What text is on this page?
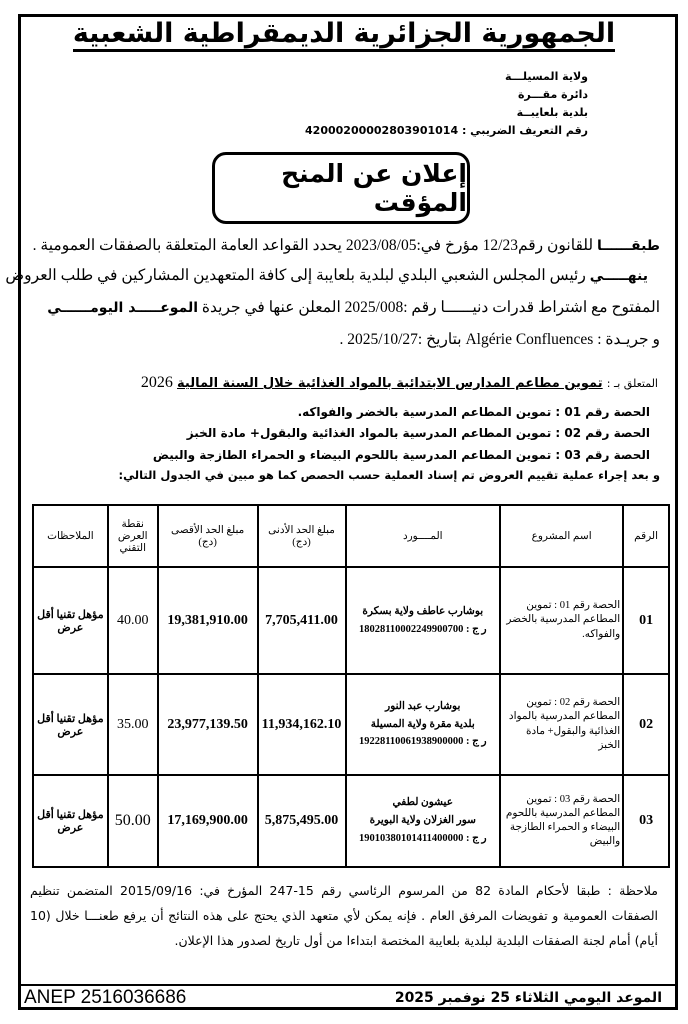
الجمهورية الجزائرية الديمقراطية الشعبية
ولاية المسيلـــة
دائرة مقـــرة
بلدية بلعايبــة
رقم التعريف الضريبي : 42000200002803901014
إعلان عن المنح المؤقت
طبقــــــا للقانون رقم12/23 مؤرخ في:2023/08/05 يحدد القواعد العامة المتعلقة بالصفقات العمومية .
ينهـــــي رئيس المجلس الشعبي البلدي لبلدية بلعايبة إلى كافة المتعهدين المشاركين في طلب العروض
المفتوح مع اشتراط قدرات دنيــــــا رقم :2025/008 المعلن عنها في جريدة الموعـــــد اليومــــــي
و جريـدة : Algérie Confluences بتاريخ :2025/10/27 .
المتعلق بـ : تموين مطاعم المدارس الابتدائية بالمواد الغذائية خلال السنة المالية 2026
الحصة رقم 01 : تموين المطاعم المدرسية بالخضر والفواكه.
الحصة رقم 02 : تموين المطاعم المدرسية بالمواد الغذائية والبقول+ مادة الخبز
الحصة رقم 03 : تموين المطاعم المدرسية باللحوم البيضاء و الحمراء الطازجة والبيض
و بعد إجراء عملية تقييم العروض تم إسناد العملية حسب الحصص كما هو مبين في الجدول التالي:
الرقم	اسم المشروع	المــــورد	مبلغ الحد الأدنى (دج)	مبلغ الحد الأقصى (دج)	نقطة العرض التقني	الملاحظات
01	الحصة رقم 01 : تموين المطاعم المدرسية بالخضر والفواكه.	بوشارب عاطف ولاية بسكرة
ر ج : 18028110002249900700	7,705,411.00	19,381,910.00	40.00	مؤهل تقنيا أقل عرض
02	الحصة رقم 02 : تموين المطاعم المدرسية بالمواد الغذائية والبقول+ مادة الخبز	بوشارب عبد النور
بلدية مقرة ولاية المسيلة
ر ج : 19228110061938900000	11,934,162.10	23,977,139.50	35.00	مؤهل تقنيا أقل عرض
03	الحصة رقم 03 : تموين المطاعم المدرسية باللحوم البيضاء و الحمراء الطازجة والبيض	عيشون لطفي
سور الغزلان ولاية البويرة
ر ج : 19010380101411400000	5,875,495.00	17,169,900.00	50.00	مؤهل تقنيا أقل عرض
ملاحظة : طبقا لأحكام المادة 82 من المرسوم الرئاسي رقم 15-247 المؤرخ في: 2015/09/16 المتضمن تنظيم الصفقات العمومية و تفويضات المرفق العام . فإنه يمكن لأي متعهد الذي يحتج على هذه النتائج أن يرفع طعنـــا خلال (10 أيام) أمام لجنة الصفقات البلدية لبلدية بلعايبة المختصة ابتداءا من أول تاريخ لصدور هذا الإعلان.
ANEP 2516036686	الموعد اليومي الثلاثاء 25 نوفمبر 2025
